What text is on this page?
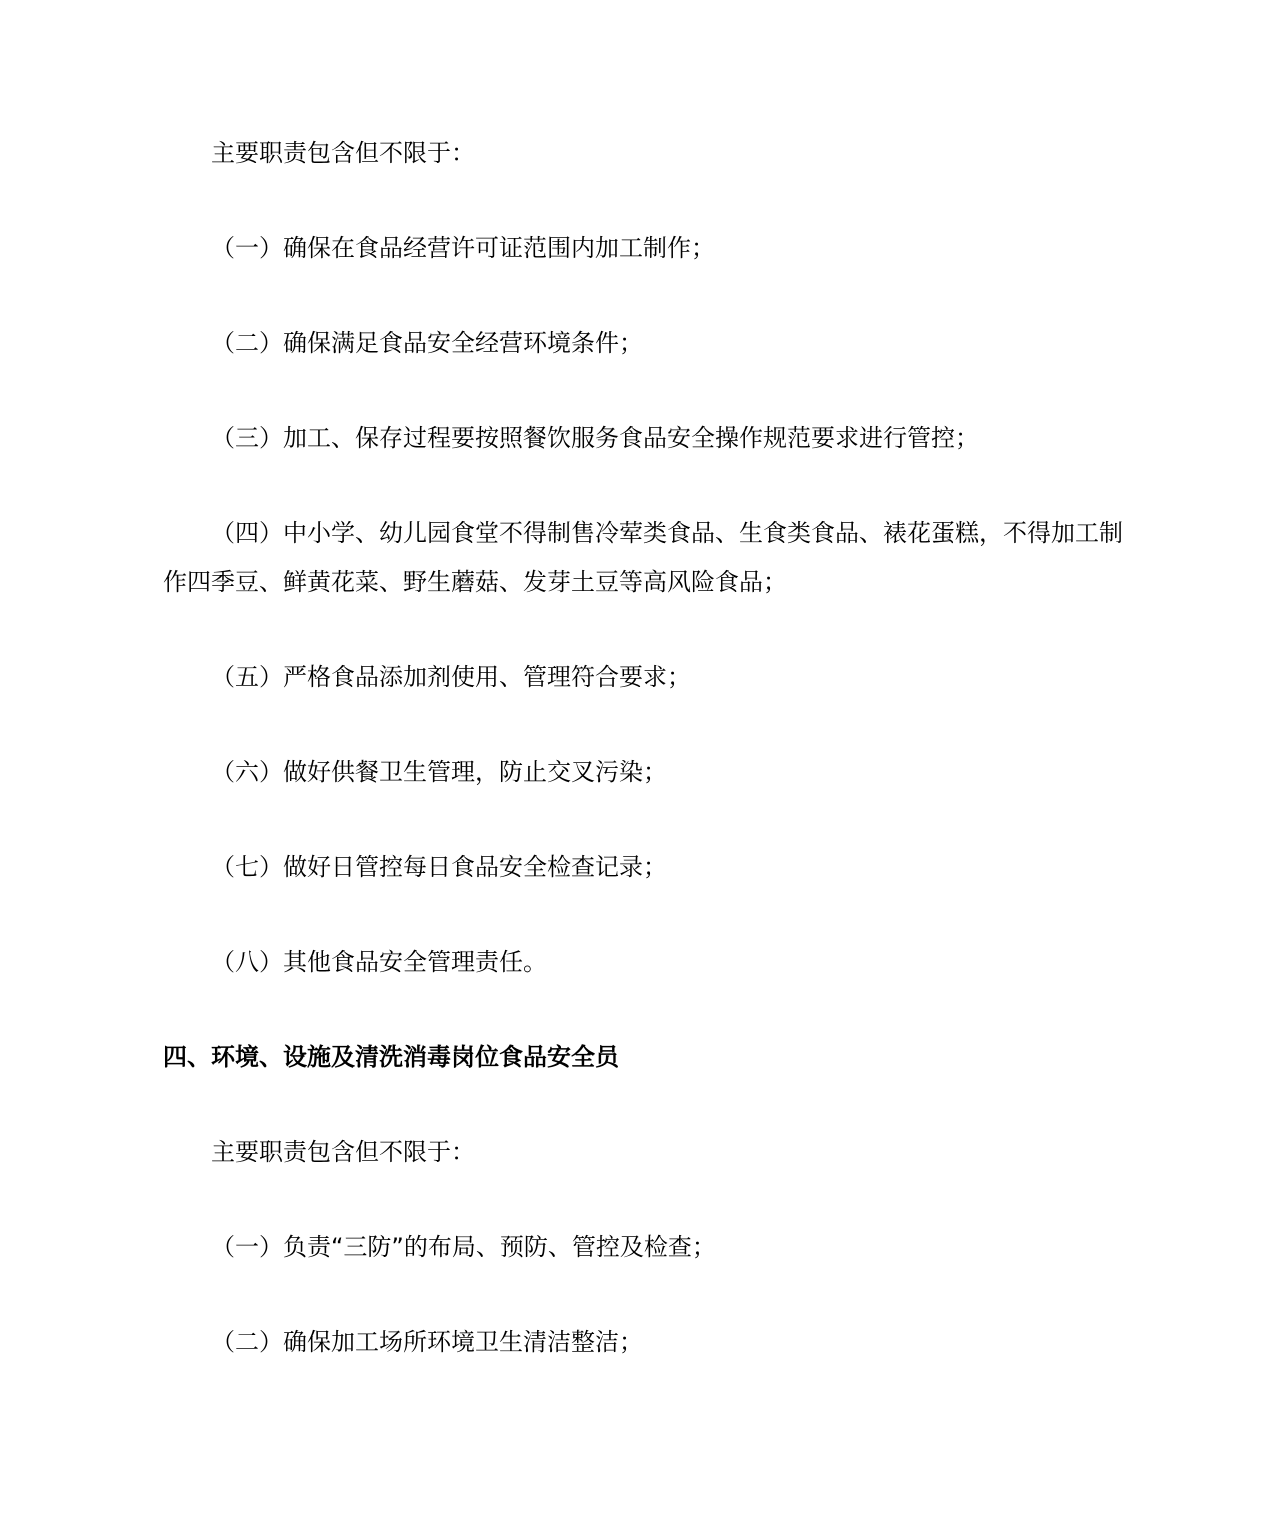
主要职责包含但不限于：

（一）确保在食品经营许可证范围内加工制作；

（二）确保满足食品安全经营环境条件；

（三）加工、保存过程要按照餐饮服务食品安全操作规范要求进行管控；

（四）中小学、幼儿园食堂不得制售冷荤类食品、生食类食品、裱花蛋糕，不得加工制作四季豆、鲜黄花菜、野生蘑菇、发芽土豆等高风险食品；

（五）严格食品添加剂使用、管理符合要求；

（六）做好供餐卫生管理，防止交叉污染；

（七）做好日管控每日食品安全检查记录；

（八）其他食品安全管理责任。

四、环境、设施及清洗消毒岗位食品安全员

主要职责包含但不限于：

（一）负责“三防”的布局、预防、管控及检查；

（二）确保加工场所环境卫生清洁整洁；
